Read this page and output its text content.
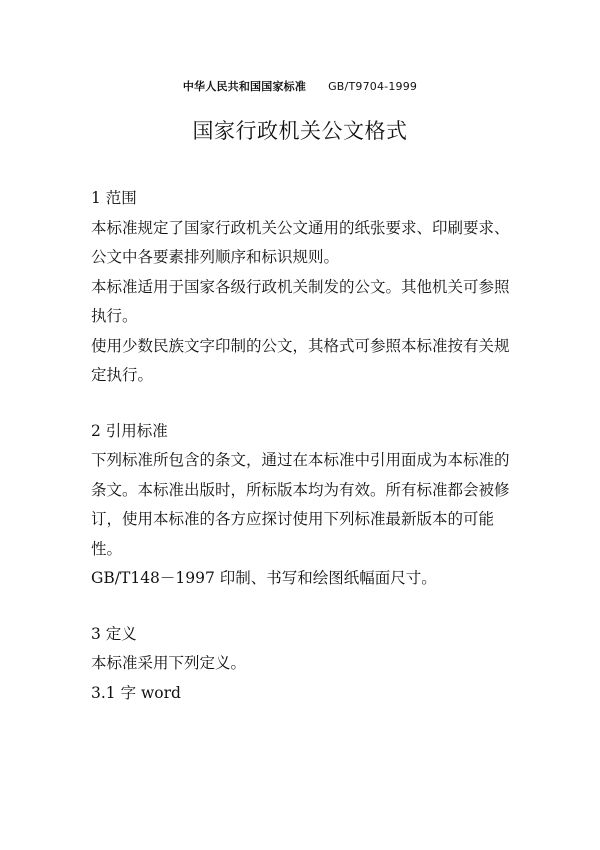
中华人民共和国国家标准 GB/T9704-1999
国家行政机关公文格式

1 范围

本标准规定了国家行政机关公文通用的纸张要求、印刷要求、公文中各要素排列顺序和标识规则。

本标准适用于国家各级行政机关制发的公文。其他机关可参照执行。

使用少数民族文字印制的公文，其格式可参照本标准按有关规定执行。

2 引用标准

下列标准所包含的条文，通过在本标准中引用面成为本标准的条文。本标准出版时，所标版本均为有效。所有标准都会被修订，使用本标准的各方应探讨使用下列标准最新版本的可能性。

GB/T148－1997 印制、书写和绘图纸幅面尺寸。

3 定义

本标准采用下列定义。

3.1 字 word
